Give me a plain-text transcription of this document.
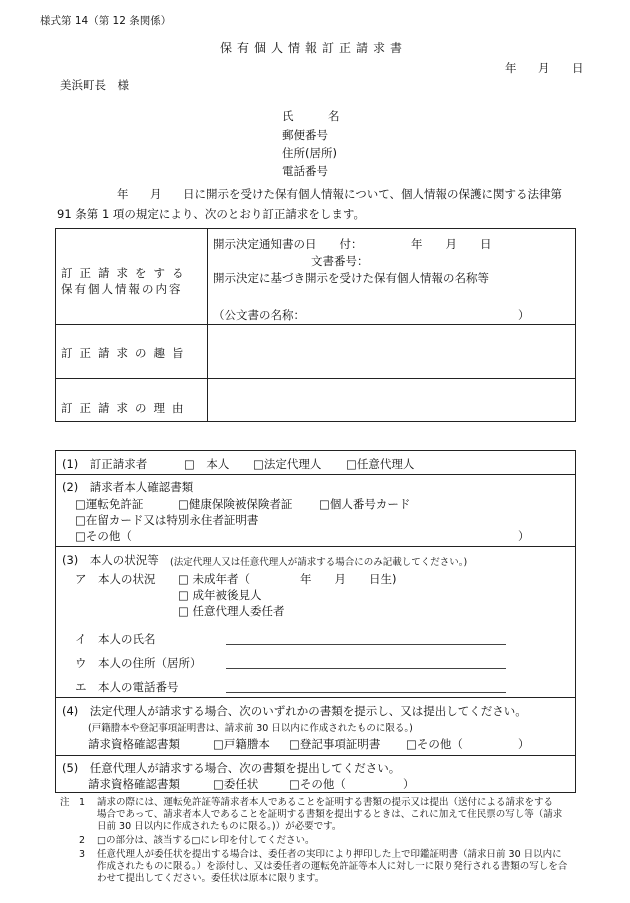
様式第 14（第 12 条関係）
保有個人情報訂正請求書
年 月 日
美浜町長　様
氏　　　名
郵便番号
住所(居所)
電話番号
年 月 日に開示を受けた保有個人情報について、個人情報の保護に関する法律第
91 条第 1 項の規定により、次のとおり訂正請求をします。
訂正請求をする
保有個人情報の内容
開示決定通知書の日　　付：	年　　月　　日
文書番号：
開示決定に基づき開示を受けた保有個人情報の名称等
（公文書の名称：	）
訂正請求の趣旨
訂正請求の理由
(1)　訂正請求者	□　本人 □法定代理人 □任意代理人
(2)　請求者本人確認書類
□運転免許証	□健康保険被保険者証 □個人番号カード
□在留カード又は特別永住者証明書
□その他（	）
(3)　本人の状況等 (法定代理人又は任意代理人が請求する場合にのみ記載してください。)
ア　本人の状況 □ 未成年者（	年　　月　　日生)
□ 成年被後見人
□ 任意代理人委任者
イ　本人の氏名
ウ　本人の住所（居所）
エ　本人の電話番号
(4)　法定代理人が請求する場合、次のいずれかの書類を提示し、又は提出してください。
(戸籍謄本や登記事項証明書は、請求前 30 日以内に作成されたものに限る。)
請求資格確認書類	□戸籍謄本 □登記事項証明書 □その他（	）
(5)　任意代理人が請求する場合、次の書類を提出してください。
請求資格確認書類	□委任状	□その他（	）
注 1 請求の際には、運転免許証等請求者本人であることを証明する書類の提示又は提出（送付による請求をする
場合であって、請求者本人であることを証明する書類を提出するときは、これに加えて住民票の写し等（請求
日前 30 日以内に作成されたものに限る。)）が必要です。
2 □の部分は、該当する□にレ印を付してください。
3 任意代理人が委任状を提出する場合は、委任者の実印により押印した上で印鑑証明書（請求日前 30 日以内に
作成されたものに限る。）を添付し、又は委任者の運転免許証等本人に対し一に限り発行される書類の写しを合
わせて提出してください。委任状は原本に限ります。
